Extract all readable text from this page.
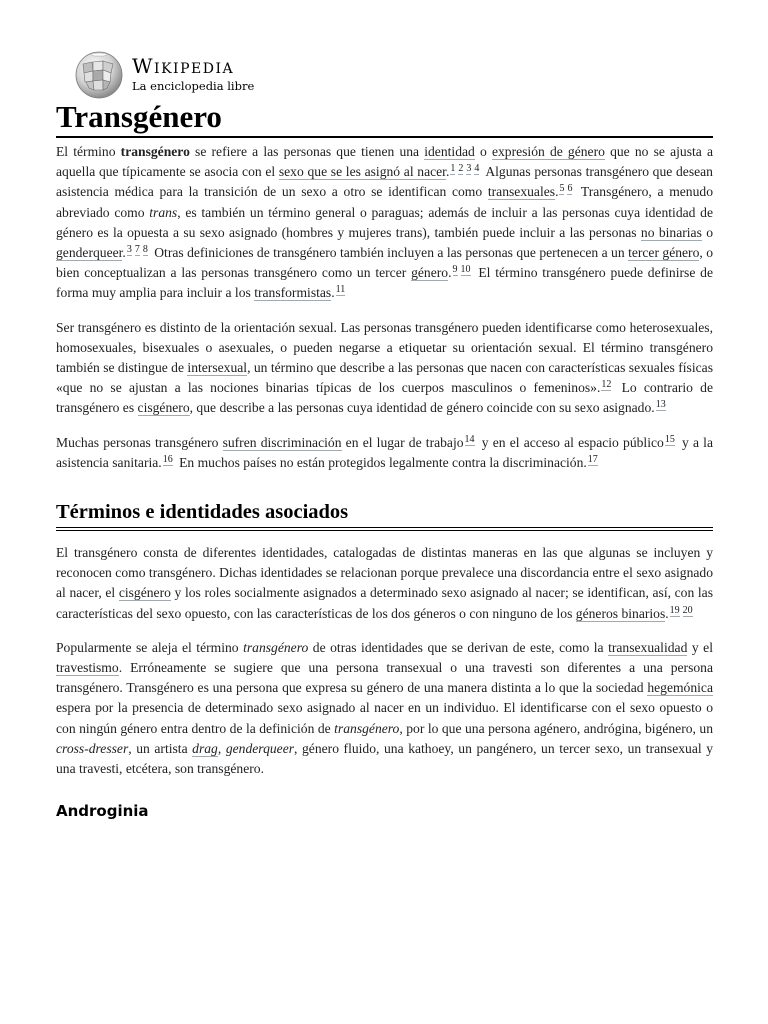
Wikipedia
La enciclopedia libre
Transgénero

El término transgénero se refiere a las personas que tienen una identidad o expresión de género que no se ajusta a aquella que típicamente se asocia con el sexo que se les asignó al nacer.$^{1 2 3 4}$ Algunas personas transgénero que desean asistencia médica para la transición de un sexo a otro se identifican como transexuales.$^{5 6}$ Transgénero, a menudo abreviado como trans, es también un término general o paraguas; además de incluir a las personas cuya identidad de género es la opuesta a su sexo asignado (hombres y mujeres trans), también puede incluir a las personas no binarias o genderqueer.$^{3 7 8}$ Otras definiciones de transgénero también incluyen a las personas que pertenecen a un tercer género, o bien conceptualizan a las personas transgénero como un tercer género.$^{9 10}$ El término transgénero puede definirse de forma muy amplia para incluir a los transformistas.$^{11}$

Ser transgénero es distinto de la orientación sexual. Las personas transgénero pueden identificarse como heterosexuales, homosexuales, bisexuales o asexuales, o pueden negarse a etiquetar su orientación sexual. El término transgénero también se distingue de intersexual, un término que describe a las personas que nacen con características sexuales físicas «que no se ajustan a las nociones binarias típicas de los cuerpos masculinos o femeninos».$^{12}$ Lo contrario de transgénero es cisgénero, que describe a las personas cuya identidad de género coincide con su sexo asignado.$^{13}$

Muchas personas transgénero sufren discriminación en el lugar de trabajo$^{14}$ y en el acceso al espacio público$^{15}$ y a la asistencia sanitaria.$^{16}$ En muchos países no están protegidos legalmente contra la discriminación.$^{17}$

Términos e identidades asociados

El transgénero consta de diferentes identidades, catalogadas de distintas maneras en las que algunas se incluyen y reconocen como transgénero. Dichas identidades se relacionan porque prevalece una discordancia entre el sexo asignado al nacer, el cisgénero y los roles socialmente asignados a determinado sexo asignado al nacer; se identifican, así, con las características del sexo opuesto, con las características de los dos géneros o con ninguno de los géneros binarios.$^{19 20}$

Popularmente se aleja el término transgénero de otras identidades que se derivan de este, como la transexualidad y el travestismo. Erróneamente se sugiere que una persona transexual o una travesti son diferentes a una persona transgénero. Transgénero es una persona que expresa su género de una manera distinta a lo que la sociedad hegemónica espera por la presencia de determinado sexo asignado al nacer en un individuo. El identificarse con el sexo opuesto o con ningún género entra dentro de la definición de transgénero, por lo que una persona agénero, andrógina, bigénero, un cross-dresser, un artista drag, genderqueer, género fluido, una kathoey, un pangénero, un tercer sexo, un transexual y una travesti, etcétera, son transgénero.

Androginia
